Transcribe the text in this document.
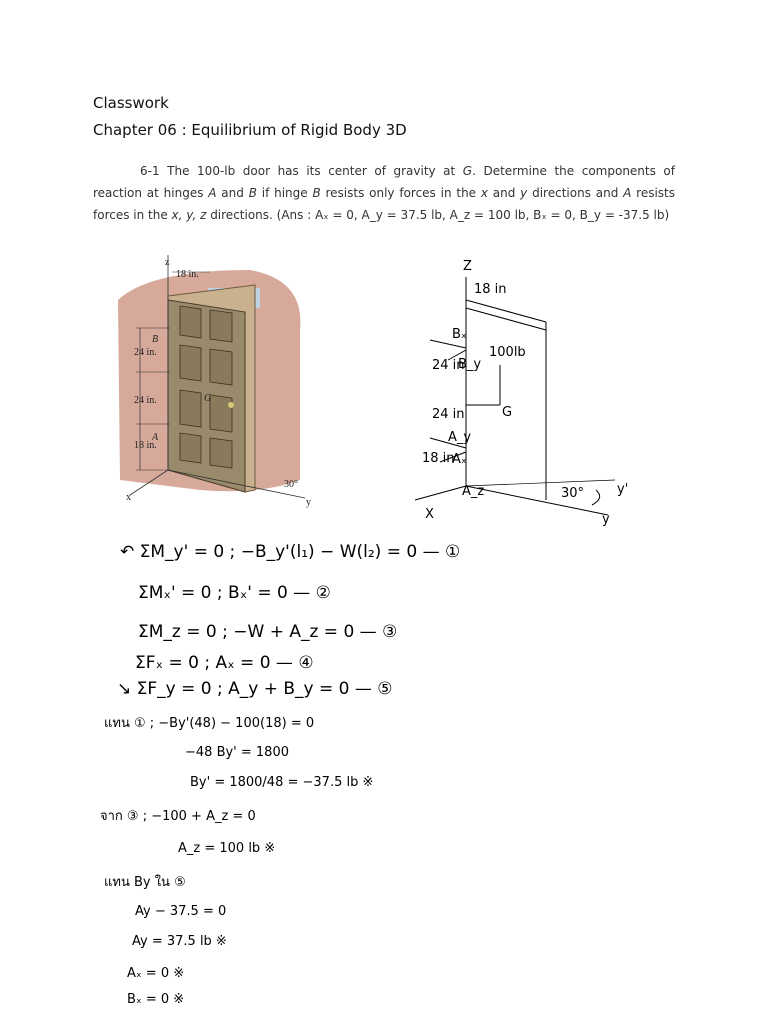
Classwork
Chapter 06 : Equilibrium of Rigid Body 3D
6-1 The 100-lb door has its center of gravity at G. Determine the components of reaction at hinges A and B if hinge B resists only forces in the x and y directions and A resists forces in the x, y, z directions. (Ans : Aₓ = 0, A_y = 37.5 lb, A_z = 100 lb, Bₓ = 0, B_y = -37.5 lb)
z
x	y
18 in.
24 in.
24 in.
18 in.
B
G
A
30°
Z
18 in
100lb
G
24 in
24 in
18 in
Bₓ
B_y
A_y
Aₓ
A_z	30°
X	y
y'
↶ ΣM_y' = 0 ; −B_y'(l₁) − W(l₂) = 0 — ①
ΣMₓ' = 0 ; Bₓ' = 0 — ②
ΣM_z = 0 ; −W + A_z = 0 — ③
ΣFₓ = 0 ; Aₓ = 0 — ④
↘ ΣF_y = 0 ; A_y + B_y = 0 — ⑤
แทน ① ; −By'(48) − 100(18) = 0
−48 By' = 1800
By' = 1800/48 = −37.5 lb ※
จาก ③ ; −100 + A_z = 0
A_z = 100 lb ※
แทน By ใน ⑤
Ay − 37.5 = 0
Ay = 37.5 lb ※
Aₓ = 0 ※
Bₓ = 0 ※
